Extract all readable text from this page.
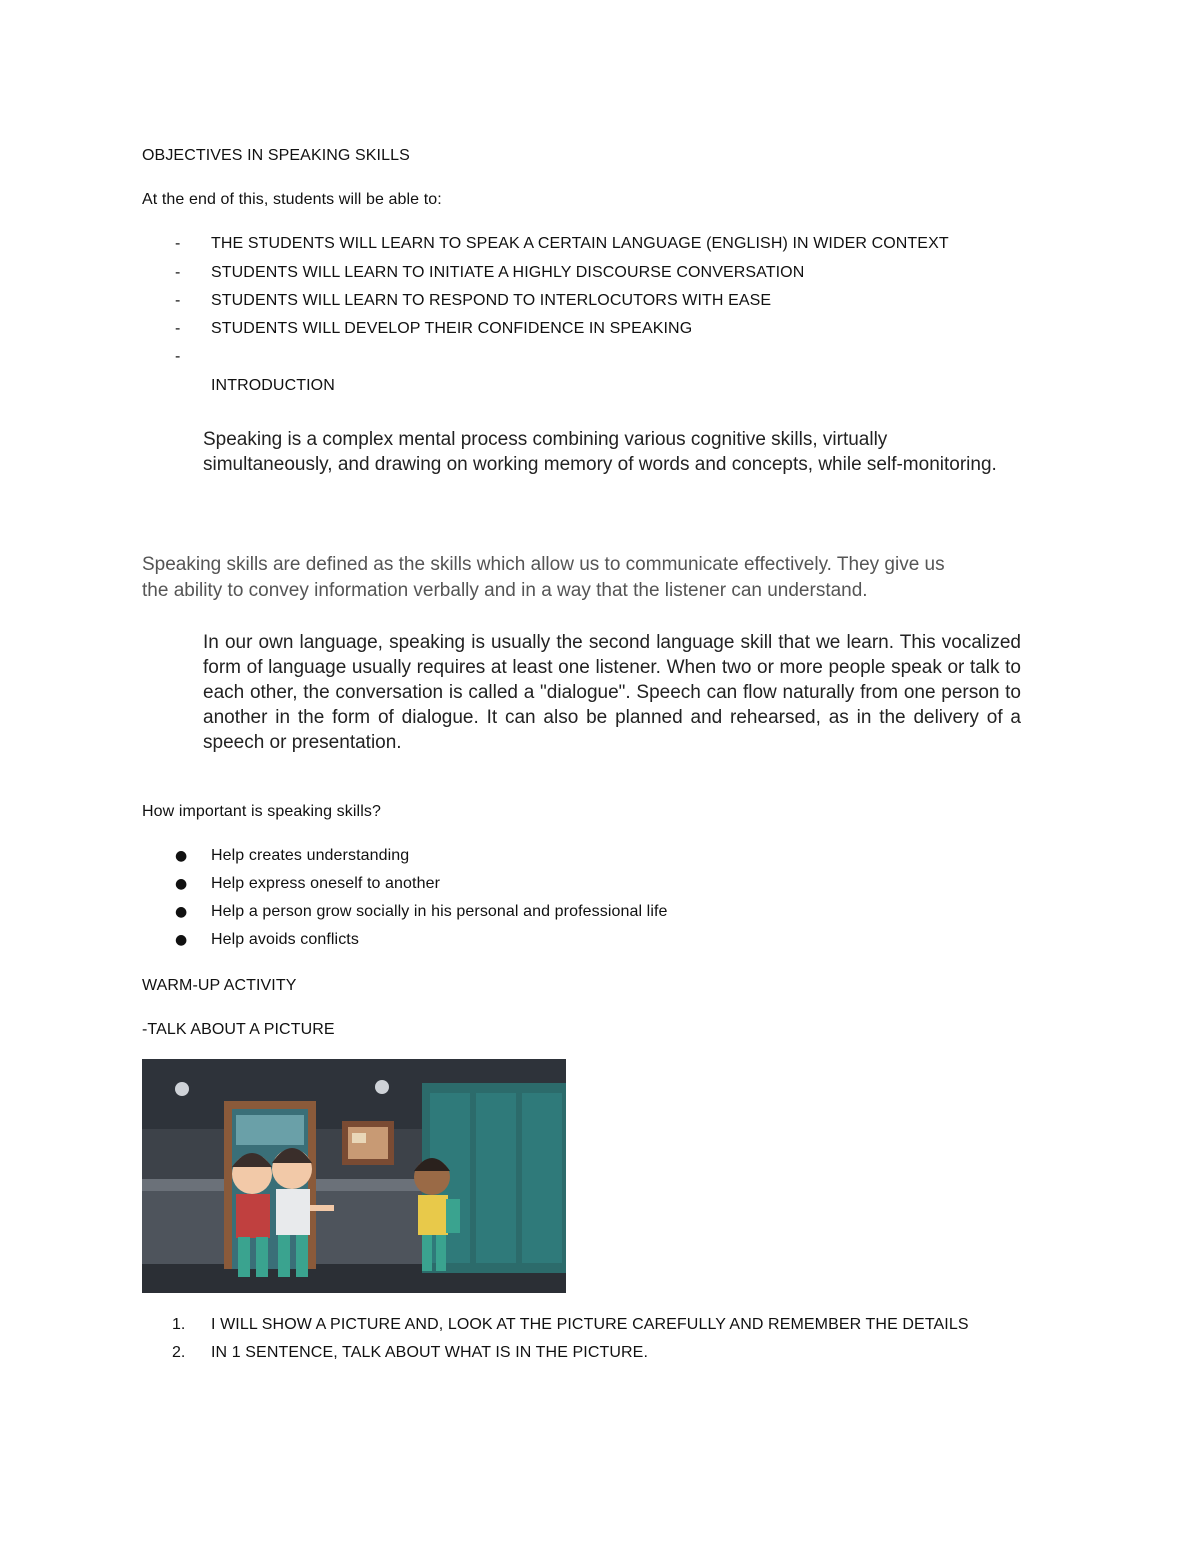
OBJECTIVES IN SPEAKING SKILLS
At the end of this, students will be able to:
- THE STUDENTS WILL LEARN TO SPEAK A CERTAIN LANGUAGE (ENGLISH) IN WIDER CONTEXT
- STUDENTS WILL LEARN TO INITIATE A HIGHLY DISCOURSE CONVERSATION
- STUDENTS WILL LEARN TO RESPOND TO INTERLOCUTORS WITH EASE
- STUDENTS WILL DEVELOP THEIR CONFIDENCE IN SPEAKING
-
INTRODUCTION
Speaking is a complex mental process combining various cognitive skills, virtually simultaneously, and drawing on working memory of words and concepts, while self-monitoring.
Speaking skills are defined as the skills which allow us to communicate effectively. They give us
the ability to convey information verbally and in a way that the listener can understand.
In our own language, speaking is usually the second language skill that we learn. This vocalized form of language usually requires at least one listener. When two or more people speak or talk to each other, the conversation is called a "dialogue". Speech can flow naturally from one person to another in the form of dialogue. It can also be planned and rehearsed, as in the delivery of a speech or presentation.
How important is speaking skills?
● Help creates understanding
● Help express oneself to another
● Help a person grow socially in his personal and professional life
● Help avoids conflicts
WARM-UP ACTIVITY
-TALK ABOUT A PICTURE
1. I WILL SHOW A PICTURE AND, LOOK AT THE PICTURE CAREFULLY AND REMEMBER THE DETAILS
2. IN 1 SENTENCE, TALK ABOUT WHAT IS IN THE PICTURE.
